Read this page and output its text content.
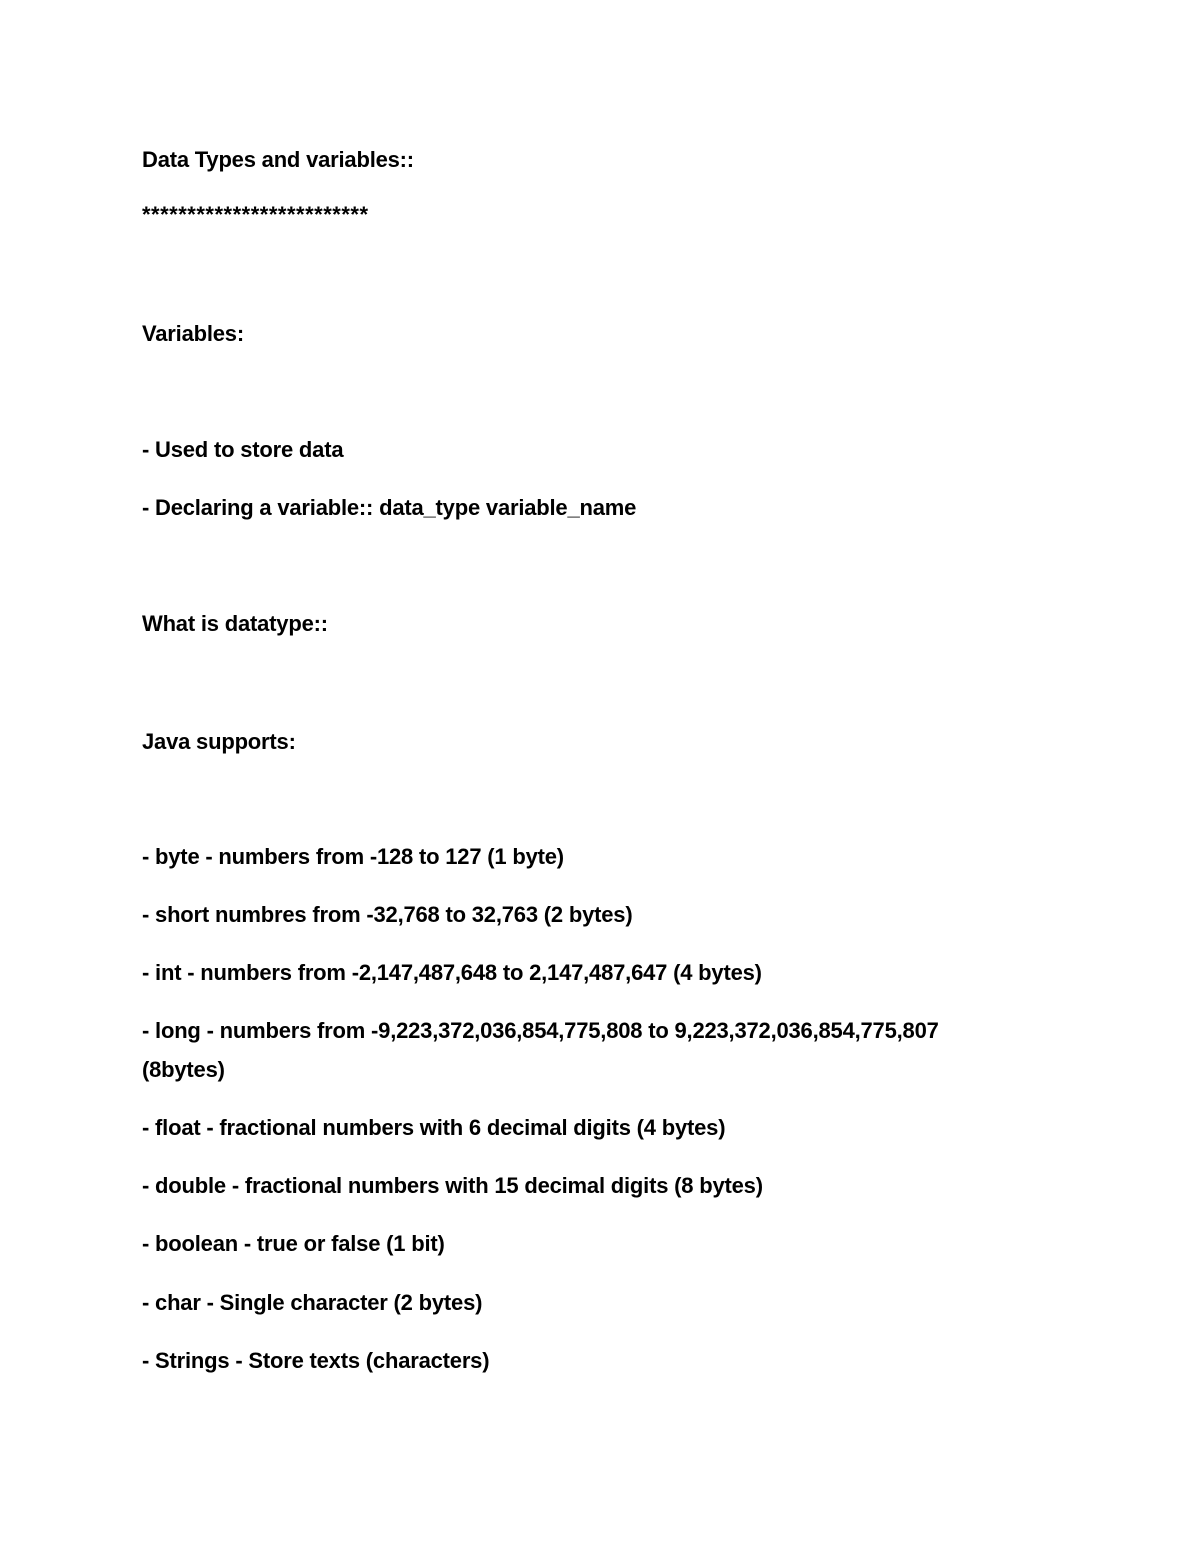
Data Types and variables::
*************************
Variables:
- Used to store data
- Declaring a variable:: data_type variable_name
What is datatype::
Java supports:
- byte - numbers from -128 to 127 (1 byte)
- short numbres from -32,768 to 32,763 (2 bytes)
- int - numbers from -2,147,487,648 to 2,147,487,647 (4 bytes)
- long - numbers from -9,223,372,036,854,775,808 to 9,223,372,036,854,775,807
(8bytes)
- float - fractional numbers with 6 decimal digits (4 bytes)
- double - fractional numbers with 15 decimal digits (8 bytes)
- boolean - true or false (1 bit)
- char - Single character (2 bytes)
- Strings - Store texts (characters)
